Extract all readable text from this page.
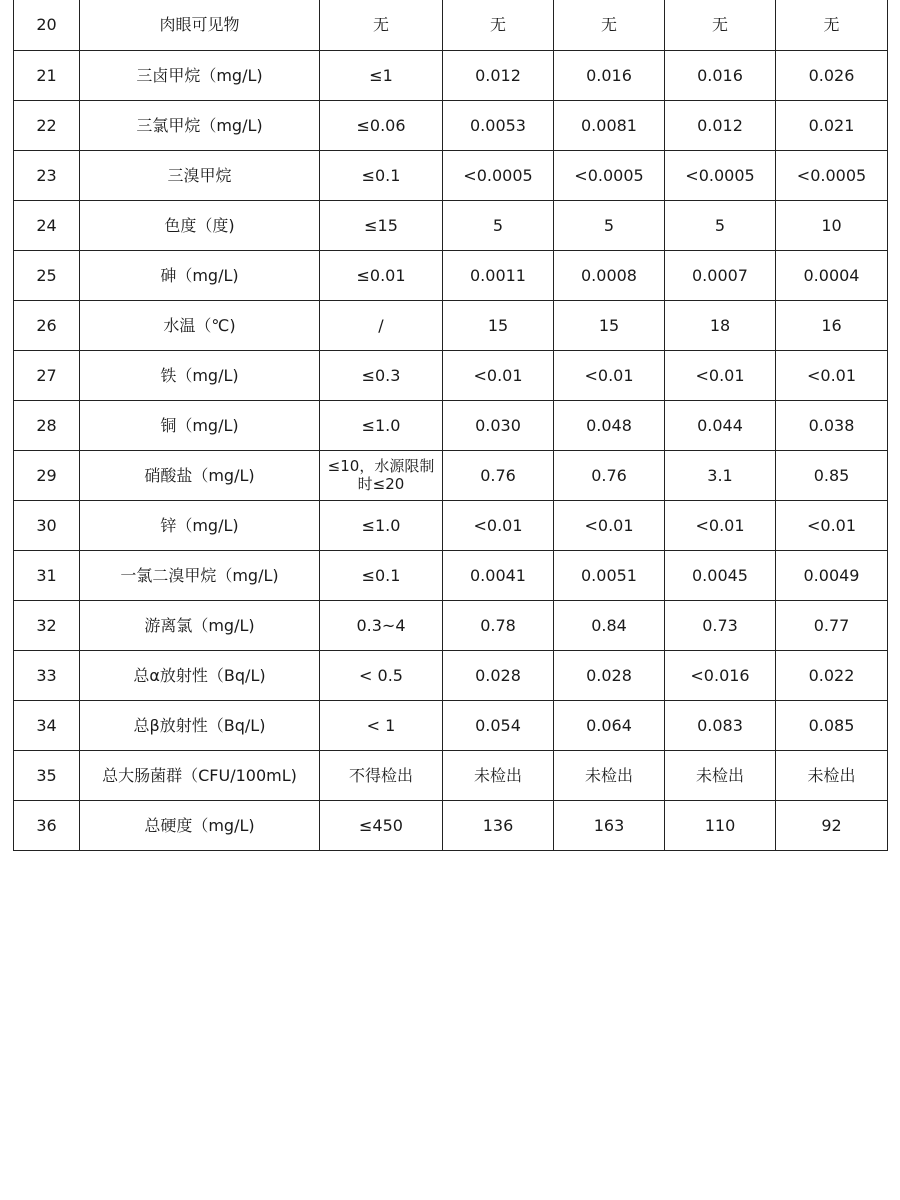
20	肉眼可见物	无	无	无	无	无
21	三卤甲烷（mg/L)	≤1	0.012	0.016	0.016	0.026
22	三氯甲烷（mg/L)	≤0.06	0.0053	0.0081	0.012	0.021
23	三溴甲烷	≤0.1	<0.0005	<0.0005	<0.0005	<0.0005
24	色度（度)	≤15	5	5	5	10
25	砷（mg/L)	≤0.01	0.0011	0.0008	0.0007	0.0004
26	水温（℃)	/	15	15	18	16
27	铁（mg/L)	≤0.3	<0.01	<0.01	<0.01	<0.01
28	铜（mg/L)	≤1.0	0.030	0.048	0.044	0.038
29	硝酸盐（mg/L)	≤10，水源限制时≤20	0.76	0.76	3.1	0.85
30	锌（mg/L)	≤1.0	<0.01	<0.01	<0.01	<0.01
31	一氯二溴甲烷（mg/L)	≤0.1	0.0041	0.0051	0.0045	0.0049
32	游离氯（mg/L)	0.3~4	0.78	0.84	0.73	0.77
33	总α放射性（Bq/L)	< 0.5	0.028	0.028	<0.016	0.022
34	总β放射性（Bq/L)	< 1	0.054	0.064	0.083	0.085
35	总大肠菌群（CFU/100mL)	不得检出	未检出	未检出	未检出	未检出
36	总硬度（mg/L)	≤450	136	163	110	92
